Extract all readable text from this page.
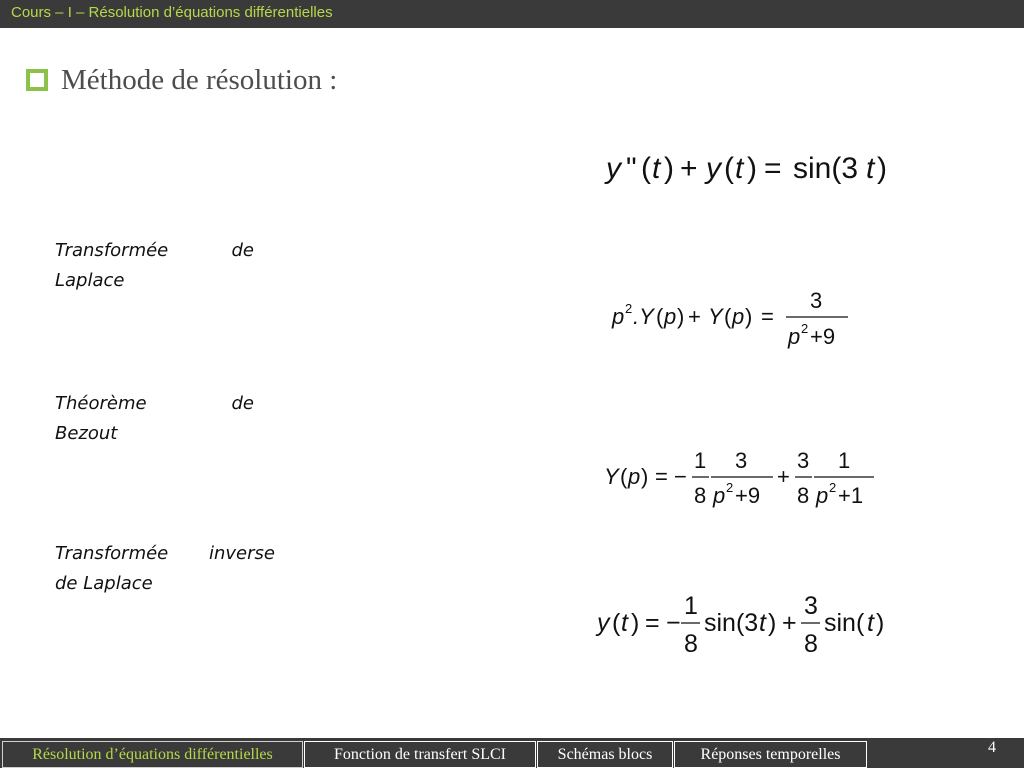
Cours – I – Résolution d’équations différentielles
Méthode de résolution :
Transformée	de
Laplace
Théorème	de
Bezout
Transformée inverse
de Laplace
y " (t ) + y (t ) = sin(3 t)
p 2 .Y (p) + Y(p) = 3 p2+9
Y(p) = − 1 8 3 p2+9 + 3 8 1 p2+1
y (t ) = − 1 8 sin(3t) + 3 8 sin( t)
Résolution d’équations différentielles	Fonction de transfert SLCI	Schémas blocs	Réponses temporelles	4
